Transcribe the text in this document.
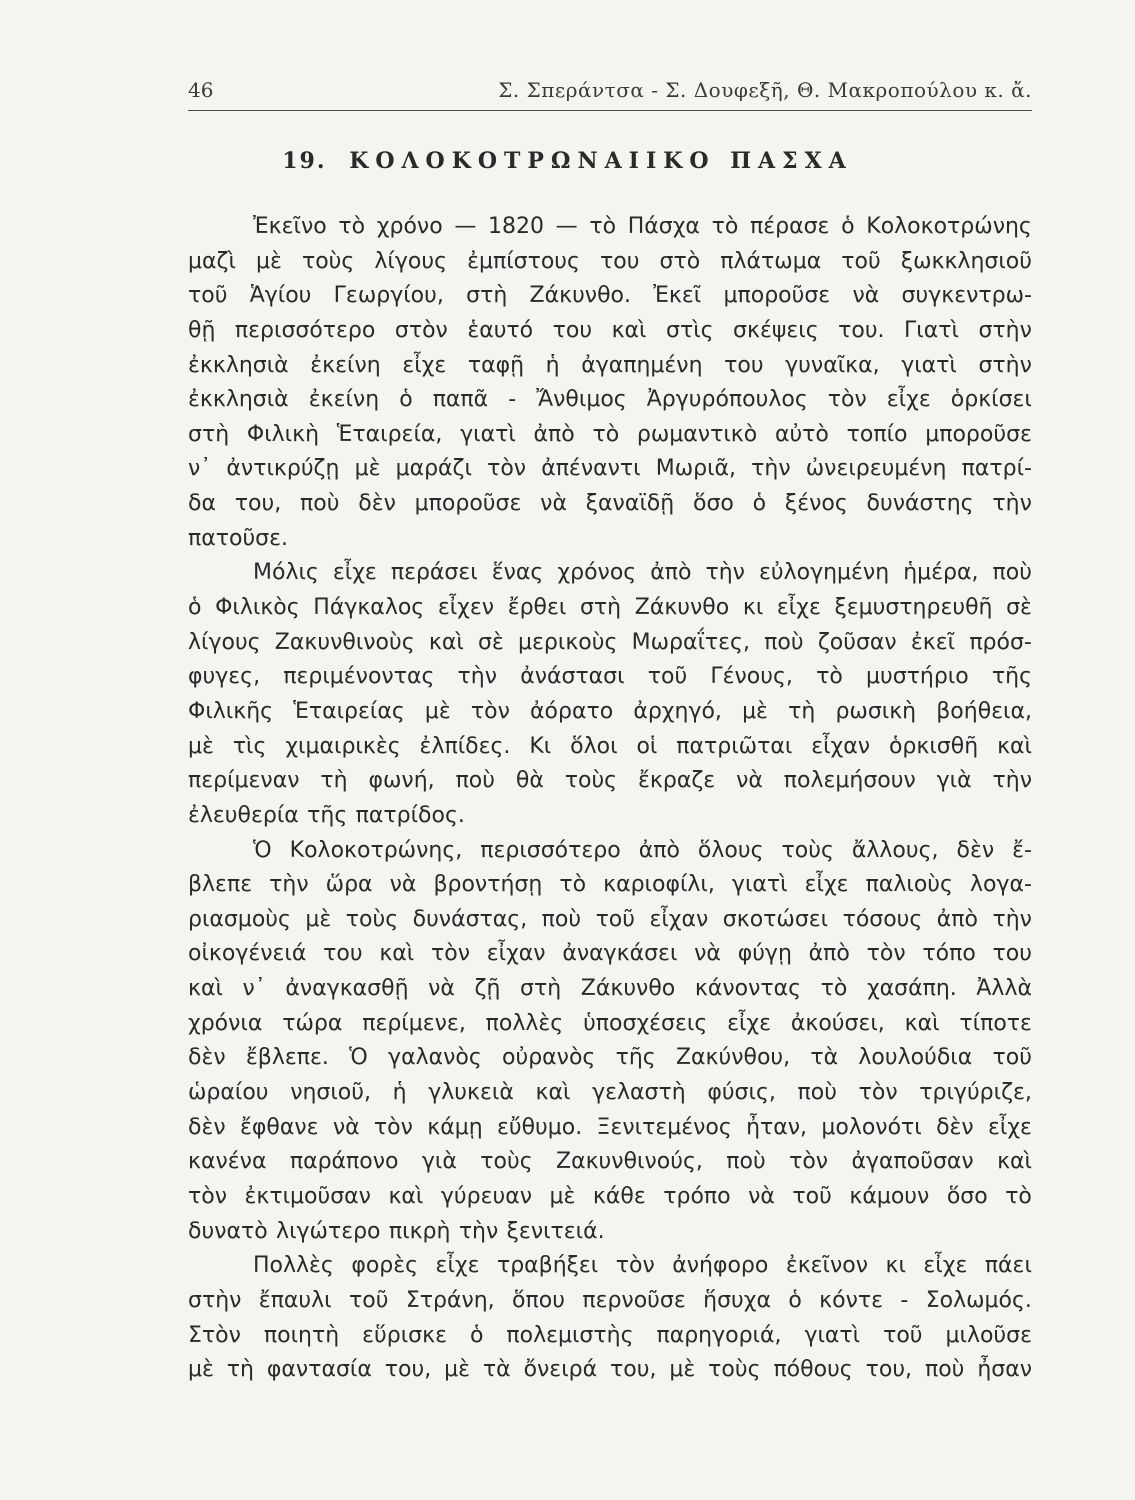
46	Σ. Σπεράντσα - Σ. Δουφεξῆ, Θ. Μακροπούλου κ. ἄ.
19. ΚΟΛΟΚΟΤΡΩΝΑΙΙΚΟ ΠΑΣΧΑ
Ἐκεῖνο τὸ χρόνο — 1820 — τὸ Πάσχα τὸ πέρασε ὁ Κολοκοτρώνης
μαζὶ μὲ τοὺς λίγους ἐμπίστους του στὸ πλάτωμα τοῦ ξωκκλησιοῦ
τοῦ Ἁγίου Γεωργίου, στὴ Ζάκυνθο. Ἐκεῖ μποροῦσε νὰ συγκεντρω-
θῇ περισσότερο στὸν ἑαυτό του καὶ στὶς σκέψεις του. Γιατὶ στὴν
ἐκκλησιὰ ἐκείνη εἶχε ταφῇ ἡ ἀγαπημένη του γυναῖκα, γιατὶ στὴν
ἐκκλησιὰ ἐκείνη ὁ παπᾶ - Ἄνθιμος Ἀργυρόπουλος τὸν εἶχε ὁρκίσει
στὴ Φιλικὴ Ἑταιρεία, γιατὶ ἀπὸ τὸ ρωμαντικὸ αὐτὸ τοπίο μποροῦσε
ν᾿ ἀντικρύζῃ μὲ μαράζι τὸν ἀπέναντι Μωριᾶ, τὴν ὠνειρευμένη πατρί-
δα του, ποὺ δὲν μποροῦσε νὰ ξαναϊδῇ ὅσο ὁ ξένος δυνάστης τὴν
πατοῦσε.
Μόλις εἶχε περάσει ἕνας χρόνος ἀπὸ τὴν εὐλογημένη ἡμέρα, ποὺ
ὁ Φιλικὸς Πάγκαλος εἶχεν ἔρθει στὴ Ζάκυνθο κι εἶχε ξεμυστηρευθῆ σὲ
λίγους Ζακυνθινοὺς καὶ σὲ μερικοὺς Μωραΐτες, ποὺ ζοῦσαν ἐκεῖ πρόσ-
φυγες, περιμένοντας τὴν ἀνάστασι τοῦ Γένους, τὸ μυστήριο τῆς
Φιλικῆς Ἑταιρείας μὲ τὸν ἀόρατο ἀρχηγό, μὲ τὴ ρωσικὴ βοήθεια,
μὲ τὶς χιμαιρικὲς ἐλπίδες. Κι ὅλοι οἱ πατριῶται εἶχαν ὁρκισθῆ καὶ
περίμεναν τὴ φωνή, ποὺ θὰ τοὺς ἔκραζε νὰ πολεμήσουν γιὰ τὴν
ἐλευθερία τῆς πατρίδος.
Ὁ Κολοκοτρώνης, περισσότερο ἀπὸ ὅλους τοὺς ἄλλους, δὲν ἔ-
βλεπε τὴν ὥρα νὰ βροντήσῃ τὸ καριοφίλι, γιατὶ εἶχε παλιοὺς λογα-
ριασμοὺς μὲ τοὺς δυνάστας, ποὺ τοῦ εἶχαν σκοτώσει τόσους ἀπὸ τὴν
οἰκογένειά του καὶ τὸν εἶχαν ἀναγκάσει νὰ φύγῃ ἀπὸ τὸν τόπο του
καὶ ν᾿ ἀναγκασθῇ νὰ ζῇ στὴ Ζάκυνθο κάνοντας τὸ χασάπη. Ἀλλὰ
χρόνια τώρα περίμενε, πολλὲς ὑποσχέσεις εἶχε ἀκούσει, καὶ τίποτε
δὲν ἔβλεπε. Ὁ γαλανὸς οὐρανὸς τῆς Ζακύνθου, τὰ λουλούδια τοῦ
ὡραίου νησιοῦ, ἡ γλυκειὰ καὶ γελαστὴ φύσις, ποὺ τὸν τριγύριζε,
δὲν ἔφθανε νὰ τὸν κάμῃ εὔθυμο. Ξενιτεμένος ἦταν, μολονότι δὲν εἶχε
κανένα παράπονο γιὰ τοὺς Ζακυνθινούς, ποὺ τὸν ἀγαποῦσαν καὶ
τὸν ἐκτιμοῦσαν καὶ γύρευαν μὲ κάθε τρόπο νὰ τοῦ κάμουν ὅσο τὸ
δυνατὸ λιγώτερο πικρὴ τὴν ξενιτειά.
Πολλὲς φορὲς εἶχε τραβήξει τὸν ἀνήφορο ἐκεῖνον κι εἶχε πάει
στὴν ἔπαυλι τοῦ Στράνη, ὅπου περνοῦσε ἥσυχα ὁ κόντε - Σολωμός.
Στὸν ποιητὴ εὕρισκε ὁ πολεμιστὴς παρηγοριά, γιατὶ τοῦ μιλοῦσε
μὲ τὴ φαντασία του, μὲ τὰ ὄνειρά του, μὲ τοὺς πόθους του, ποὺ ἦσαν
